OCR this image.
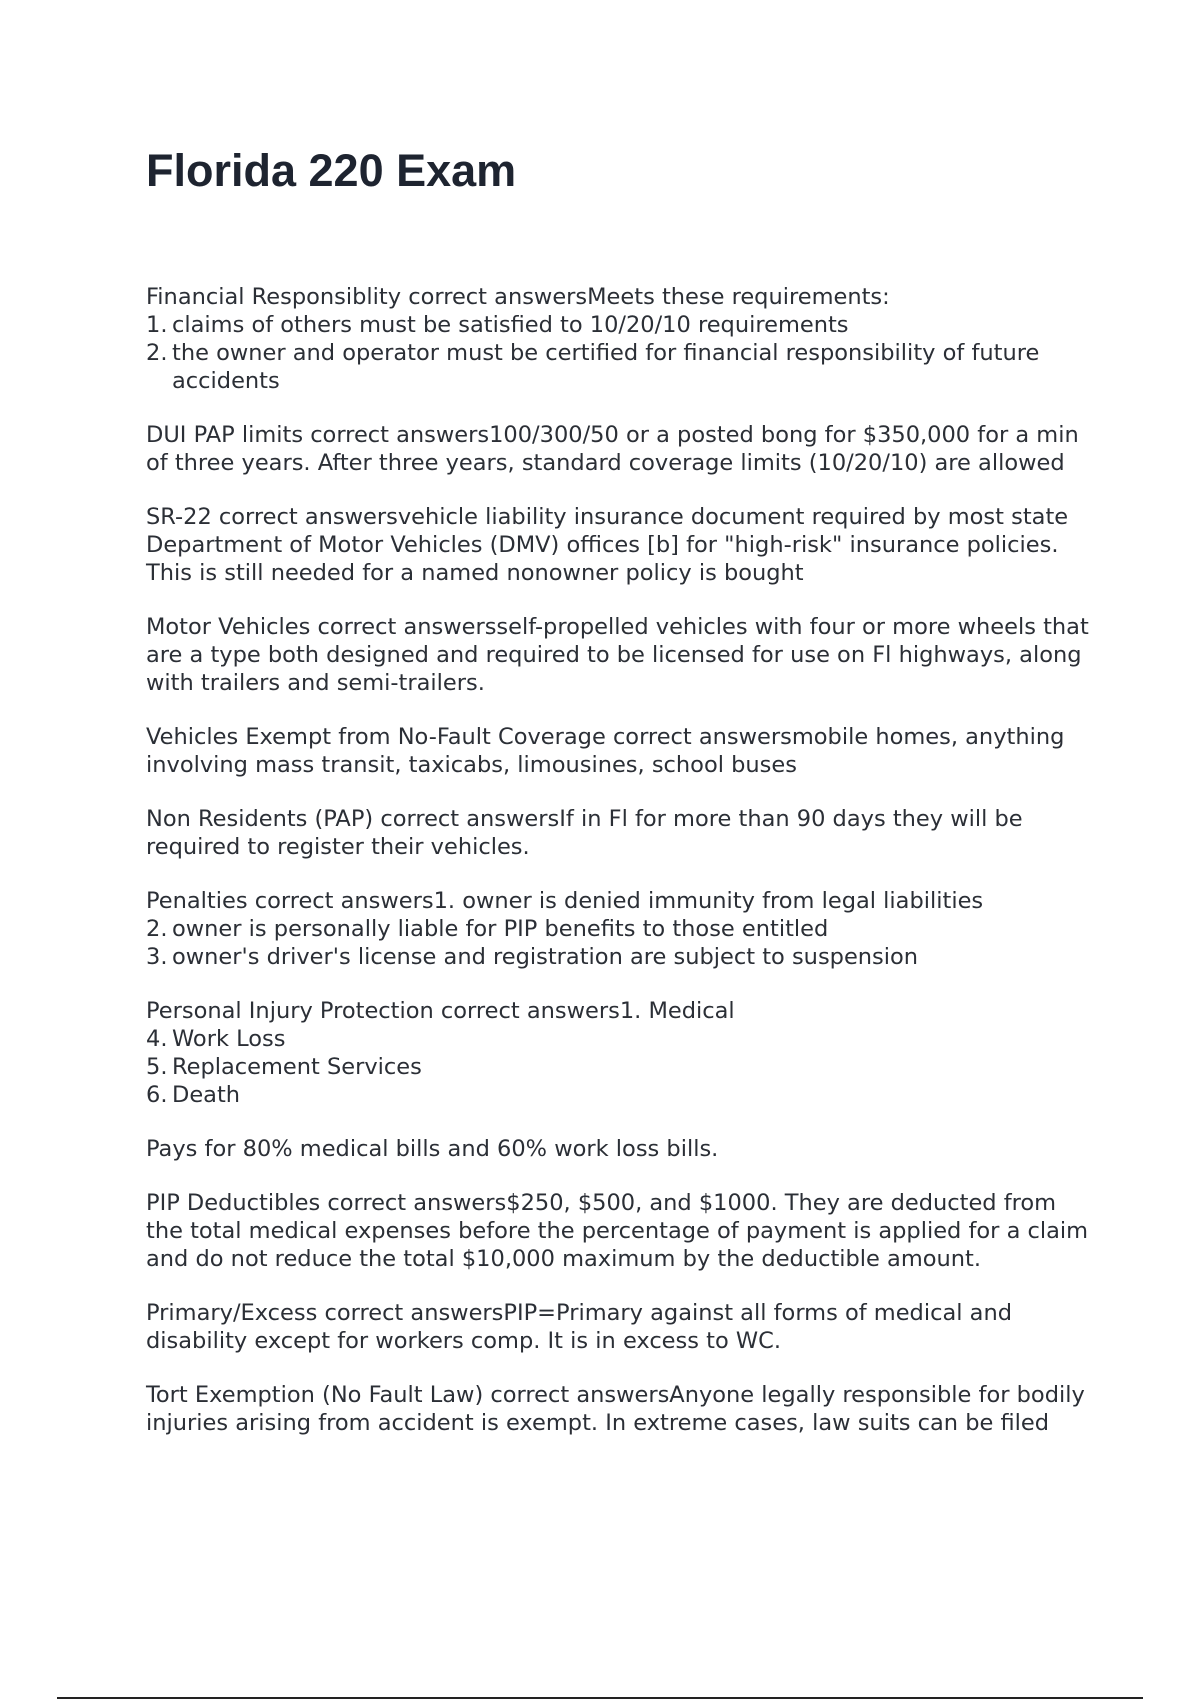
Florida 220 Exam

Financial Responsiblity correct answersMeets these requirements:

1. claims of others must be satisfied to 10/20/10 requirements
2. the owner and operator must be certified for financial responsibility of future accidents

DUI PAP limits correct answers100/300/50 or a posted bong for $350,000 for a min of three years. After three years, standard coverage limits (10/20/10) are allowed

SR-22 correct answersvehicle liability insurance document required by most state Department of Motor Vehicles (DMV) offices [b] for "high-risk" insurance policies. This is still needed for a named nonowner policy is bought

Motor Vehicles correct answersself-propelled vehicles with four or more wheels that are a type both designed and required to be licensed for use on Fl highways, along with trailers and semi-trailers.

Vehicles Exempt from No-Fault Coverage correct answersmobile homes, anything involving mass transit, taxicabs, limousines, school buses

Non Residents (PAP) correct answersIf in Fl for more than 90 days they will be required to register their vehicles.

Penalties correct answers1. owner is denied immunity from legal liabilities

2. owner is personally liable for PIP benefits to those entitled
3. owner's driver's license and registration are subject to suspension

Personal Injury Protection correct answers1. Medical

4. Work Loss
5. Replacement Services
6. Death

Pays for 80% medical bills and 60% work loss bills.

PIP Deductibles correct answers$250, $500, and $1000. They are deducted from the total medical expenses before the percentage of payment is applied for a claim and do not reduce the total $10,000 maximum by the deductible amount.

Primary/Excess correct answersPIP=Primary against all forms of medical and disability except for workers comp. It is in excess to WC.

Tort Exemption (No Fault Law) correct answersAnyone legally responsible for bodily injuries arising from accident is exempt. In extreme cases, law suits can be filed
